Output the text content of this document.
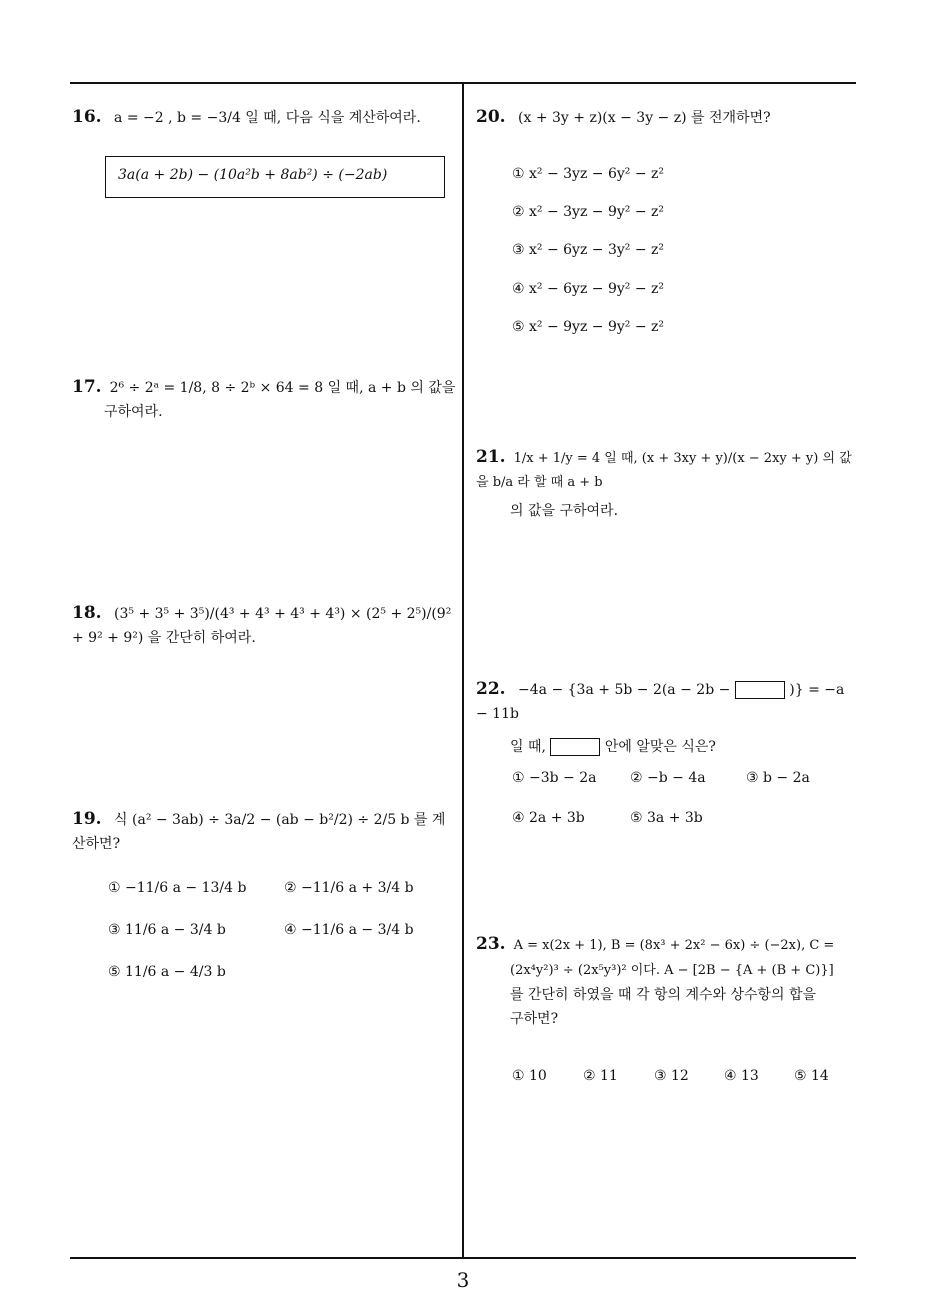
16. a = −2 , b = −3/4 일 때, 다음 식을 계산하여라.
3a(a + 2b) − (10a²b + 8ab²) ÷ (−2ab)
17. 2⁶ ÷ 2ᵃ = 1/8, 8 ÷ 2ᵇ × 64 = 8 일 때, a + b 의 값을
구하여라.
18. (3⁵ + 3⁵ + 3⁵)/(4³ + 4³ + 4³ + 4³) × (2⁵ + 2⁵)/(9² + 9² + 9²) 을 간단히 하여라.
19. 식 (a² − 3ab) ÷ 3a/2 − (ab − b²/2) ÷ 2/5 b 를 계산하면?
① −11/6 a − 13/4 b	② −11/6 a + 3/4 b
③ 11/6 a − 3/4 b	④ −11/6 a − 3/4 b
⑤ 11/6 a − 4/3 b
20. (x + 3y + z)(x − 3y − z) 를 전개하면?
① x² − 3yz − 6y² − z²
② x² − 3yz − 9y² − z²
③ x² − 6yz − 3y² − z²
④ x² − 6yz − 9y² − z²
⑤ x² − 9yz − 9y² − z²
21. 1/x + 1/y = 4 일 때, (x + 3xy + y)/(x − 2xy + y) 의 값을 b/a 라 할 때 a + b
의 값을 구하여라.
22. −4a − {3a + 5b − 2(a − 2b −	)} = −a − 11b
일 때,	안에 알맞은 식은?
① −3b − 2a ② −b − 4a	③ b − 2a
④ 2a + 3b	⑤ 3a + 3b
23. A = x(2x + 1), B = (8x³ + 2x² − 6x) ÷ (−2x), C =
(2x⁴y²)³ ÷ (2x⁵y³)² 이다. A − [2B − {A + (B + C)}]
를 간단히 하였을 때 각 항의 계수와 상수항의 합을
구하면?
① 10	② 11	③ 12	④ 13	⑤ 14
3
